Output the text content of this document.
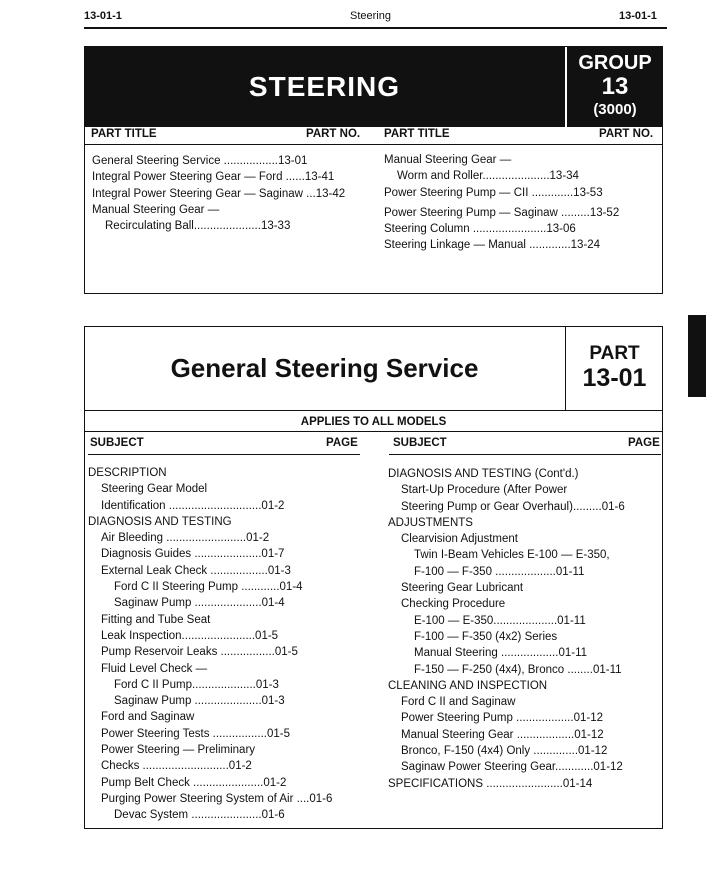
13-01-1	Steering	13-01-1
STEERING
GROUP
13
(3000)
PART TITLE	PART NO. PART TITLE	PART NO.
General Steering Service .................13-01
Integral Power Steering Gear — Ford ......13-41
Integral Power Steering Gear — Saginaw ...13-42
Manual Steering Gear —
Recirculating Ball.....................13-33
Manual Steering Gear —
Worm and Roller.....................13-34
Power Steering Pump — CII .............13-53
Power Steering Pump — Saginaw .........13-52
Steering Column .......................13-06
Steering Linkage — Manual .............13-24
General Steering Service	PART
13-01
APPLIES TO ALL MODELS
SUBJECT	PAGE	SUBJECT	PAGE
DESCRIPTION
Steering Gear Model
Identification .............................01-2
DIAGNOSIS AND TESTING
Air Bleeding .........................01-2
Diagnosis Guides .....................01-7
External Leak Check ..................01-3
Ford C II Steering Pump ............01-4
Saginaw Pump .....................01-4
Fitting and Tube Seat
Leak Inspection.......................01-5
Pump Reservoir Leaks .................01-5
Fluid Level Check —
Ford C II Pump....................01-3
Saginaw Pump .....................01-3
Ford and Saginaw
Power Steering Tests .................01-5
Power Steering — Preliminary
Checks ...........................01-2
Pump Belt Check ......................01-2
Purging Power Steering System of Air ....01-6
Devac System ......................01-6
DIAGNOSIS AND TESTING (Cont'd.)
Start-Up Procedure (After Power
Steering Pump or Gear Overhaul).........01-6
ADJUSTMENTS
Clearvision Adjustment
Twin I-Beam Vehicles E-100 — E-350,
F-100 — F-350 ...................01-11
Steering Gear Lubricant
Checking Procedure
E-100 — E-350....................01-11
F-100 — F-350 (4x2) Series
Manual Steering ..................01-11
F-150 — F-250 (4x4), Bronco ........01-11
CLEANING AND INSPECTION
Ford C II and Saginaw
Power Steering Pump ..................01-12
Manual Steering Gear ..................01-12
Bronco, F-150 (4x4) Only ..............01-12
Saginaw Power Steering Gear............01-12
SPECIFICATIONS ........................01-14
